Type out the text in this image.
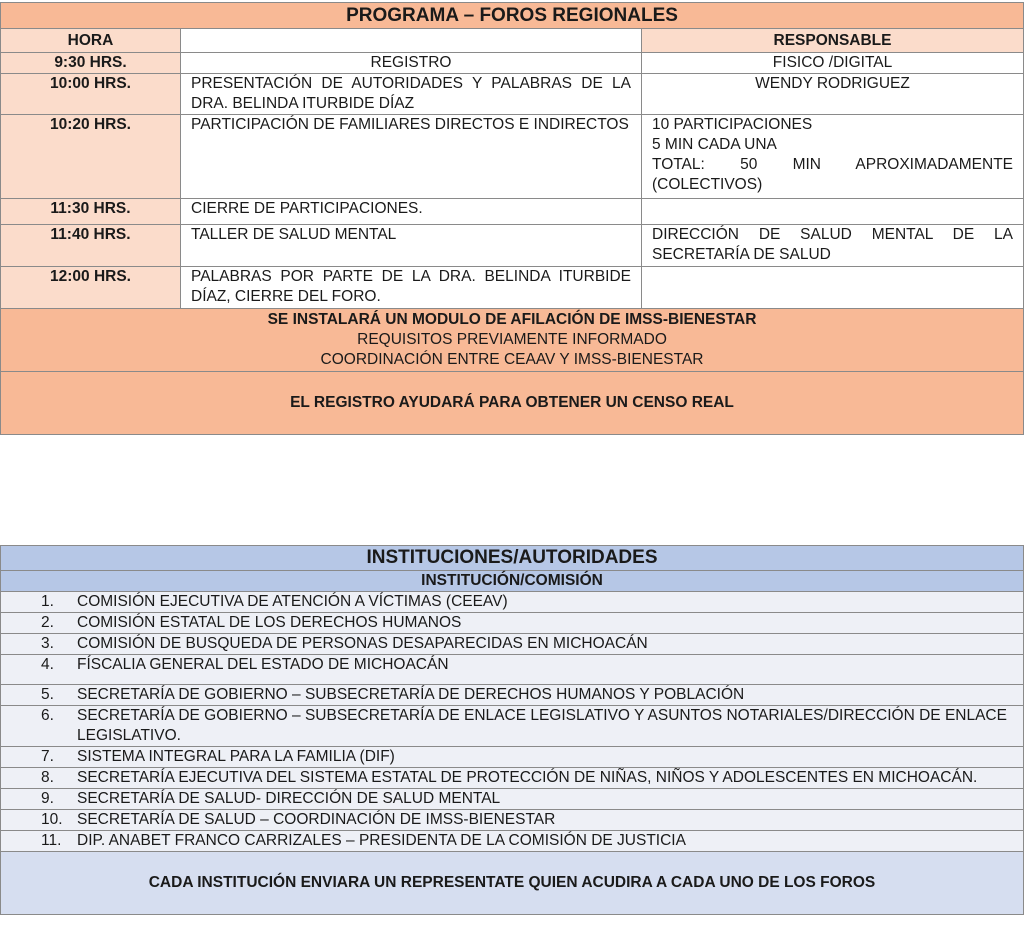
PROGRAMA – FOROS REGIONALES		
HORA		RESPONSABLE
9:30 HRS.	REGISTRO	FISICO /DIGITAL
10:00 HRS.	PRESENTACIÓN DE AUTORIDADES Y PALABRAS DE LA DRA. BELINDA ITURBIDE DÍAZ	WENDY RODRIGUEZ
10:20 HRS.	PARTICIPACIÓN DE FAMILIARES DIRECTOS E INDIRECTOS	10 PARTICIPACIONES
5 MIN CADA UNA
TOTAL: 50 MIN APROXIMADAMENTE (COLECTIVOS)

11:30 HRS.	CIERRE DE PARTICIPACIONES.	
11:40 HRS.	TALLER DE SALUD MENTAL	DIRECCIÓN DE SALUD MENTAL DE LA SECRETARÍA DE SALUD
12:00 HRS.	PALABRAS POR PARTE DE LA DRA. BELINDA ITURBIDE DÍAZ, CIERRE DEL FORO.	

SE INSTALARÁ UN MODULO DE AFILACIÓN DE IMSS-BIENESTAR
REQUISITOS PREVIAMENTE INFORMADO
COORDINACIÓN ENTRE CEAAV Y IMSS-BIENESTAR		

EL REGISTRO AYUDARÁ PARA OBTENER UN CENSO REAL		
INSTITUCIONES/AUTORIDADES
INSTITUCIÓN/COMISIÓN
1. COMISIÓN EJECUTIVA DE ATENCIÓN A VÍCTIMAS (CEEAV)
2. COMISIÓN ESTATAL DE LOS DERECHOS HUMANOS
3. COMISIÓN DE BUSQUEDA DE PERSONAS DESAPARECIDAS EN MICHOACÁN
4. FÍSCALIA GENERAL DEL ESTADO DE MICHOACÁN
5. SECRETARÍA DE GOBIERNO – SUBSECRETARÍA DE DERECHOS HUMANOS Y POBLACIÓN
6. SECRETARÍA DE GOBIERNO – SUBSECRETARÍA DE ENLACE LEGISLATIVO Y ASUNTOS NOTARIALES/DIRECCIÓN DE ENLACE LEGISLATIVO.
7. SISTEMA INTEGRAL PARA LA FAMILIA (DIF)
8. SECRETARÍA EJECUTIVA DEL SISTEMA ESTATAL DE PROTECCIÓN DE NIÑAS, NIÑOS Y ADOLESCENTES EN MICHOACÁN.
9. SECRETARÍA DE SALUD- DIRECCIÓN DE SALUD MENTAL
10. SECRETARÍA DE SALUD – COORDINACIÓN DE IMSS-BIENESTAR
11. DIP. ANABET FRANCO CARRIZALES – PRESIDENTA DE LA COMISIÓN DE JUSTICIA
CADA INSTITUCIÓN ENVIARA UN REPRESENTATE QUIEN ACUDIRA A CADA UNO DE LOS FOROS
